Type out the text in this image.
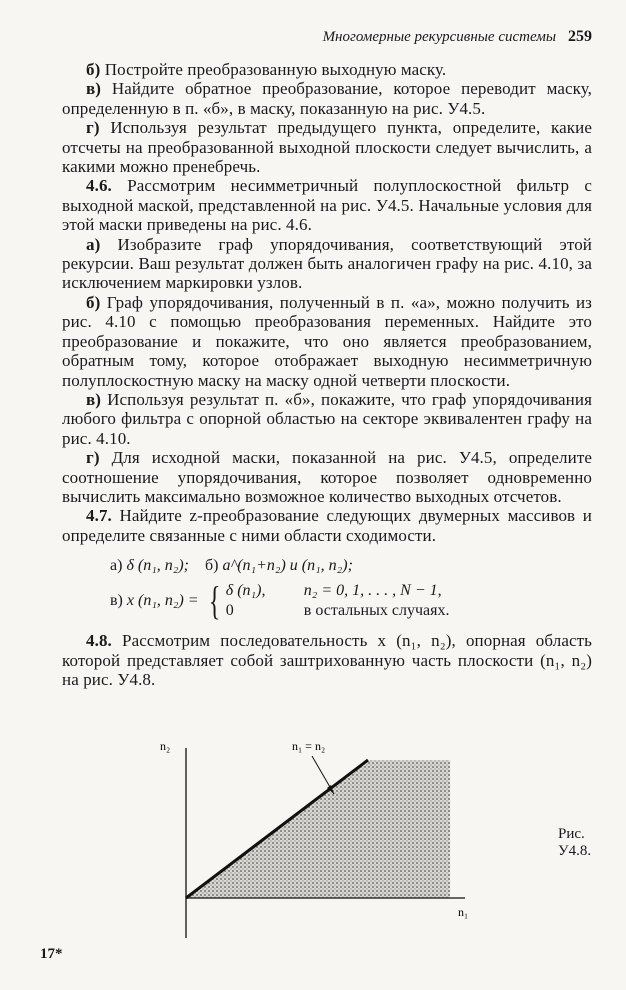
Многомерные рекурсивные системы 259

б) Постройте преобразованную выходную маску.

в) Найдите обратное преобразование, которое переводит маску, определенную в п. «б», в маску, показанную на рис. У4.5.

г) Используя результат предыдущего пункта, определите, какие отсчеты на преобразованной выходной плоскости следует вычислить, а какими можно пренебречь.

4.6. Рассмотрим несимметричный полуплоскостной фильтр с выходной маской, представленной на рис. У4.5. Начальные условия для этой маски приведены на рис. 4.6.

а) Изобразите граф упорядочивания, соответствующий этой рекурсии. Ваш результат должен быть аналогичен графу на рис. 4.10, за исключением маркировки узлов.

б) Граф упорядочивания, полученный в п. «а», можно получить из рис. 4.10 с помощью преобразования переменных. Найдите это преобразование и покажите, что оно является преобразованием, обратным тому, которое отображает выходную несимметричную полуплоскостную маску на маску одной четверти плоскости.

в) Используя результат п. «б», покажите, что граф упорядочивания любого фильтра с опорной областью на секторе эквивалентен графу на рис. 4.10.

г) Для исходной маски, показанной на рис. У4.5, определите соотношение упорядочивания, которое позволяет одновременно вычислить максимально возможное количество выходных отсчетов.

4.7. Найдите z-преобразование следующих двумерных массивов и определите связанные с ними области сходимости.

а) δ (n₁, n₂); б) a^(n₁+n₂) u (n₁, n₂);
в) x (n₁, n₂) = { δ (n₁),	n₂ = 0, 1, . . . , N − 1,
0	в остальных случаях.

4.8. Рассмотрим последовательность x (n₁, n₂), опорная область которой представляет собой заштрихованную часть плоскости (n₁, n₂) на рис. У4.8.

n₂
n₁
n₁ = n₂
Рис. У4.8.
17*
